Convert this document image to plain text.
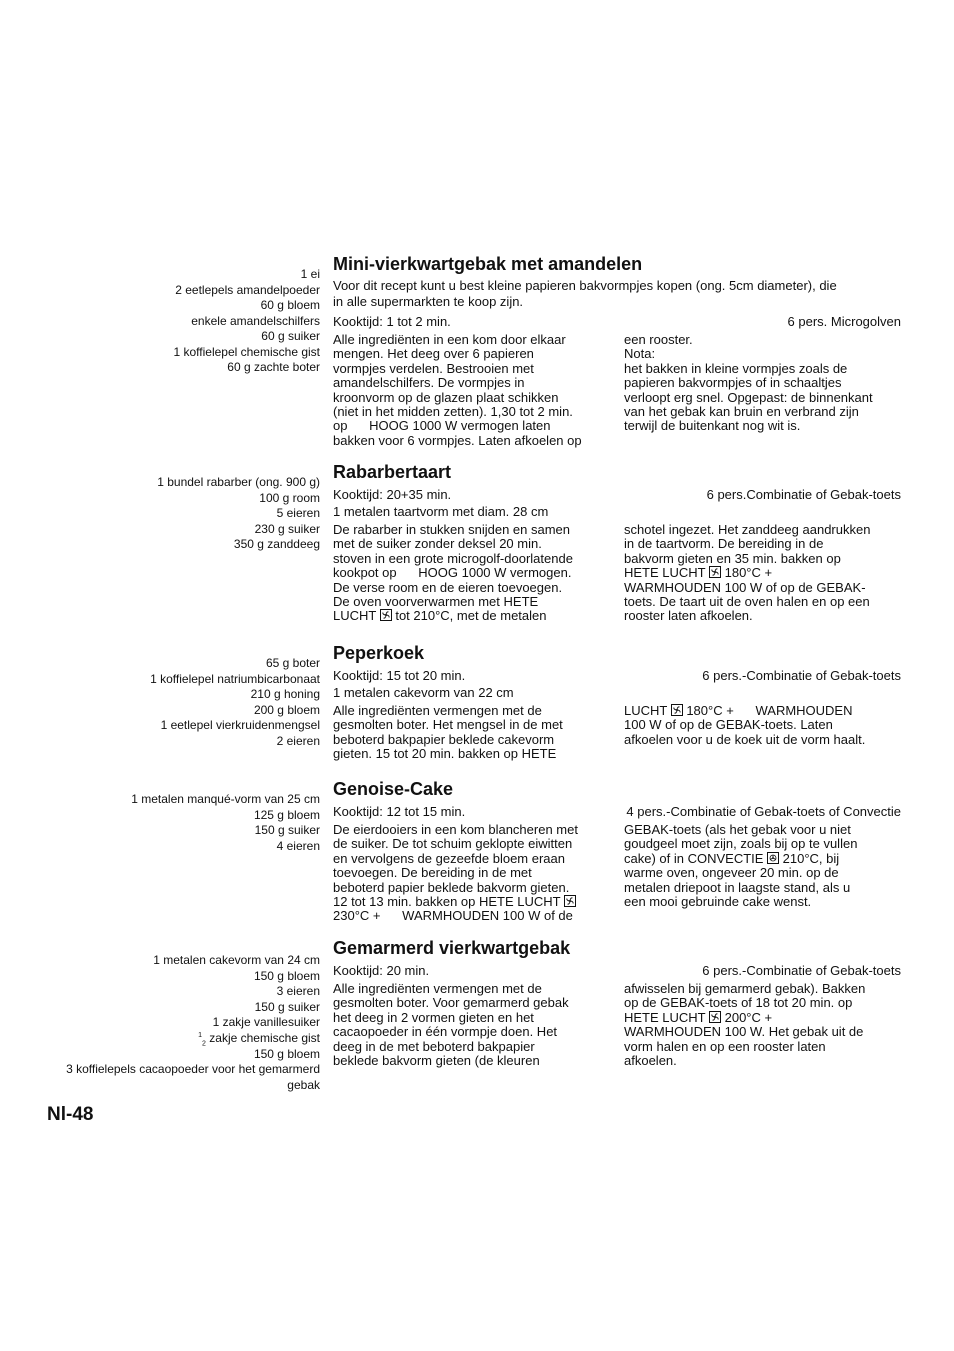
1 ei
2 eetlepels amandelpoeder
60 g bloem
enkele amandelschilfers
60 g suiker
1 koffielepel chemische gist
60 g zachte boter
Mini-vierkwartgebak met amandelen
Voor dit recept kunt u best kleine papieren bakvormpjes kopen (ong. 5cm diameter), die
in alle supermarkten te koop zijn.
Kooktijd: 1 tot 2 min.	6 pers. Microgolven
Alle ingrediënten in een kom door elkaar
mengen. Het deeg over 6 papieren
vormpjes verdelen. Bestrooien met
amandelschilfers. De vormpjes in
kroonvorm op de glazen plaat schikken
(niet in het midden zetten). 1,30 tot 2 min.
op      HOOG 1000 W vermogen laten
bakken voor 6 vormpjes. Laten afkoelen op
een rooster.
Nota:
het bakken in kleine vormpjes zoals de
papieren bakvormpjes of in schaaltjes
verloopt erg snel. Opgepast: de binnenkant
van het gebak kan bruin en verbrand zijn
terwijl de buitenkant nog wit is.
1 bundel rabarber (ong. 900 g)
100 g room
5 eieren
230 g suiker
350 g zanddeeg
Rabarbertaart
Kooktijd: 20+35 min.	6 pers.Combinatie of Gebak-toets
1 metalen taartvorm met diam. 28 cm
De rabarber in stukken snijden en samen
met de suiker zonder deksel 20 min.
stoven in een grote microgolf-doorlatende
kookpot op      HOOG 1000 W vermogen.
De verse room en de eieren toevoegen.
De oven voorverwarmen met HETE
LUCHT
tot 210°C, met de metalen
schotel ingezet. Het zanddeeg aandrukken
in de taartvorm. De bereiding in de
bakvorm gieten en 35 min. bakken op
HETE LUCHT
180°C +
WARMHOUDEN 100 W of op de GEBAK-
toets. De taart uit de oven halen en op een
rooster laten afkoelen.
65 g boter
1 koffielepel natriumbicarbonaat
210 g honing
200 g bloem
1 eetlepel vierkruidenmengsel
2 eieren
Peperkoek
Kooktijd: 15 tot 20 min.	6 pers.-Combinatie of Gebak-toets
1 metalen cakevorm van 22 cm
Alle ingrediënten vermengen met de
gesmolten boter. Het mengsel in de met
beboterd bakpapier beklede cakevorm
gieten. 15 tot 20 min. bakken op HETE
LUCHT
180°C +      WARMHOUDEN
100 W of op de GEBAK-toets. Laten
afkoelen voor u de koek uit de vorm haalt.
1 metalen manqué-vorm van 25 cm
125 g bloem
150 g suiker
4 eieren
Genoise-Cake
Kooktijd: 12 tot 15 min.	4 pers.-Combinatie of Gebak-toets of Convectie
De eierdooiers in een kom blancheren met
de suiker. De tot schuim geklopte eiwitten
en vervolgens de gezeefde bloem eraan
toevoegen. De bereiding in de met
beboterd papier beklede bakvorm gieten.
12 tot 13 min. bakken op HETE LUCHT
230°C +      WARMHOUDEN 100 W of de
GEBAK-toets (als het gebak voor u niet
goudgeel moet zijn, zoals bij op te vullen
cake) of in CONVECTIE
210°C, bij
warme oven, ongeveer 20 min. op de
metalen driepoot in laagste stand, als u
een mooi gebruinde cake wenst.
1 metalen cakevorm van 24 cm
150 g bloem
3 eieren
150 g suiker
1 zakje vanillesuiker
$^1_2$ zakje chemische gist
150 g bloem
3 koffielepels cacaopoeder voor het gemarmerd
gebak
Gemarmerd vierkwartgebak
Kooktijd: 20 min.	6 pers.-Combinatie of Gebak-toets
Alle ingrediënten vermengen met de
gesmolten boter. Voor gemarmerd gebak
het deeg in 2 vormen gieten en het
cacaopoeder in één vormpje doen. Het
deeg in de met beboterd bakpapier
beklede bakvorm gieten (de kleuren
afwisselen bij gemarmerd gebak). Bakken
op de GEBAK-toets of 18 tot 20 min. op
HETE LUCHT
200°C +
WARMHOUDEN 100 W. Het gebak uit de
vorm halen en op een rooster laten
afkoelen.
Nl-48
